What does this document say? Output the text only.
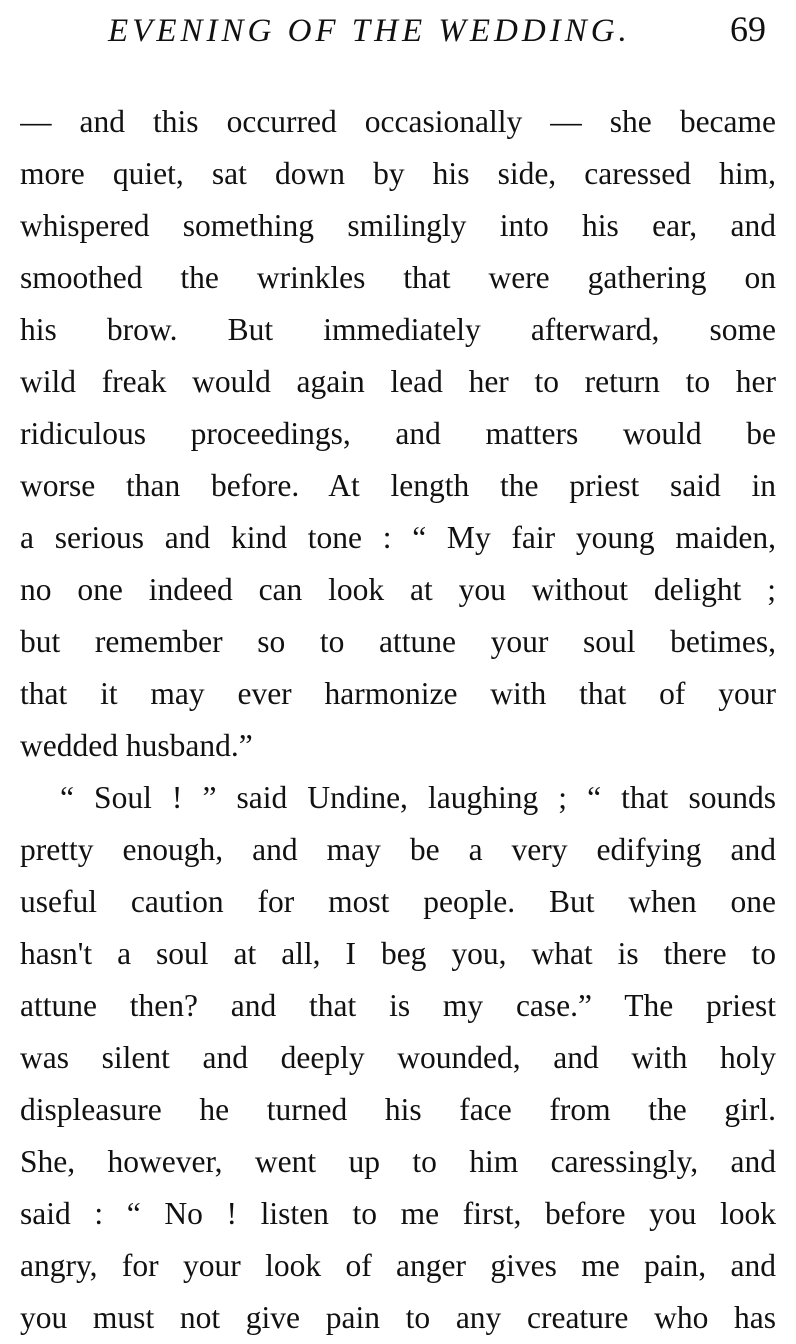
EVENING OF THE WEDDING.	69
— and this occurred occasionally — she became
more quiet, sat down by his side, caressed him,
whispered something smilingly into his ear, and
smoothed the wrinkles that were gathering on
his brow. But immediately afterward, some
wild freak would again lead her to return to her
ridiculous proceedings, and matters would be
worse than before. At length the priest said in
a serious and kind tone : “ My fair young maiden,
no one indeed can look at you without delight ;
but remember so to attune your soul betimes,
that it may ever harmonize with that of your
wedded husband.”
“ Soul ! ” said Undine, laughing ; “ that sounds
pretty enough, and may be a very edifying and
useful caution for most people. But when one
hasn't a soul at all, I beg you, what is there to
attune then? and that is my case.” The priest
was silent and deeply wounded, and with holy
displeasure he turned his face from the girl.
She, however, went up to him caressingly, and
said : “ No ! listen to me first, before you look
angry, for your look of anger gives me pain, and
you must not give pain to any creature who has
